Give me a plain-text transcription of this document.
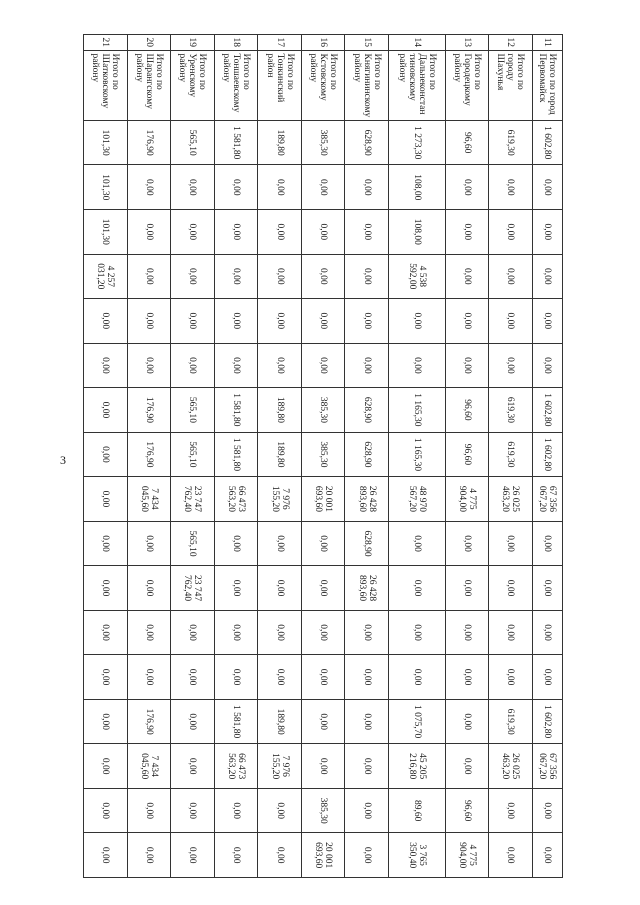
3
11	Итого по город Первомайск	1 602,80	0,00	0,00	0,00	0,00	0,00	1 602,80	1 602,80	67 356 067,20	0,00	0,00	0,00	0,00	1 602,80	67 356 067,20	0,00	0,00
12	Итого по городу Шахунья	619,30	0,00	0,00	0,00	0,00	0,00	619,30	619,30	26 025 463,20	0,00	0,00	0,00	0,00	619,30	26 025 463,20	0,00	0,00
13	Итого по Городецкому району	96,60	0,00	0,00	0,00	0,00	0,00	96,60	96,60	4 775 904,00	0,00	0,00	0,00	0,00	0,00	0,00	96,60	4 775 904,00
14	Итого по Дальнеконстантиновскому району	1 273,30	108,00	108,00	4 538 592,00	0,00	0,00	1 165,30	1 165,30	48 970 567,20	0,00	0,00	0,00	0,00	1 075,70	45 205 216,80	89,60	3 765 350,40
15	Итого по Княгининскому району	628,90	0,00	0,00	0,00	0,00	0,00	628,90	628,90	26 428 893,60	628,90	26 428 893,60	0,00	0,00	0,00	0,00	0,00	0,00
16	Итого по Кстовскому району	385,30	0,00	0,00	0,00	0,00	0,00	385,30	385,30	20 001 693,60	0,00	0,00	0,00	0,00	0,00	0,00	385,30	20 001 693,60
17	Итого по Тонкинский район	189,80	0,00	0,00	0,00	0,00	0,00	189,80	189,80	7 976 155,20	0,00	0,00	0,00	0,00	189,80	7 976 155,20	0,00	0,00
18	Итого по Тоншаевскому району	1 581,80	0,00	0,00	0,00	0,00	0,00	1 581,80	1 581,80	66 473 563,20	0,00	0,00	0,00	0,00	1 581,80	66 473 563,20	0,00	0,00
19	Итого по Уренскому району	565,10	0,00	0,00	0,00	0,00	0,00	565,10	565,10	23 747 762,40	565,10	23 747 762,40	0,00	0,00	0,00	0,00	0,00	0,00
20	Итого по Шарангскому району	176,90	0,00	0,00	0,00	0,00	0,00	176,90	176,90	7 434 045,60	0,00	0,00	0,00	0,00	176,90	7 434 045,60	0,00	0,00
21	Итого по Шатковскому району	101,30	101,30	101,30	4 257 031,20	0,00	0,00	0,00	0,00	0,00	0,00	0,00	0,00	0,00	0,00	0,00	0,00	0,00
